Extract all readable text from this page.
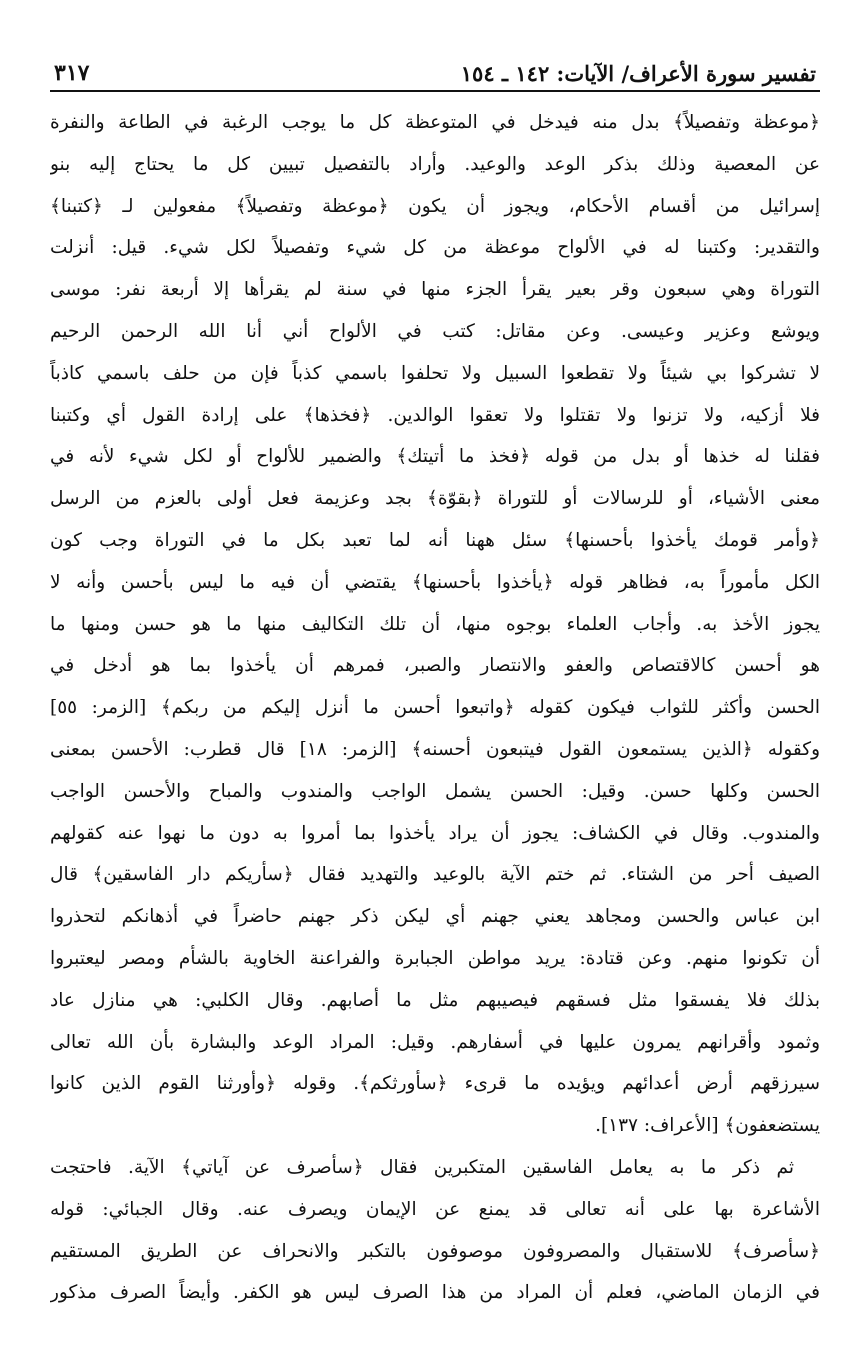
تفسير سورة الأعراف/ الآيات: ١٤٢ ـ ١٥٤
٣١٧
﴿موعظة وتفصيلاً﴾ بدل منه فيدخل في المتوعظة كل ما يوجب الرغبة في الطاعة والنفرة
عن المعصية وذلك بذكر الوعد والوعيد. وأراد بالتفصيل تبيين كل ما يحتاج إليه بنو
إسرائيل من أقسام الأحكام، ويجوز أن يكون ﴿موعظة وتفصيلاً﴾ مفعولين لـ ﴿كتبنا﴾
والتقدير: وكتبنا له في الألواح موعظة من كل شيء وتفصيلاً لكل شيء. قيل: أنزلت
التوراة وهي سبعون وقر بعير يقرأ الجزء منها في سنة لم يقرأها إلا أربعة نفر: موسى
ويوشع وعزير وعيسى. وعن مقاتل: كتب في الألواح أني أنا الله الرحمن الرحيم
لا تشركوا بي شيئاً ولا تقطعوا السبيل ولا تحلفوا باسمي كذباً فإن من حلف باسمي كاذباً
فلا أزكيه، ولا تزنوا ولا تقتلوا ولا تعقوا الوالدين. ﴿فخذها﴾ على إرادة القول أي وكتبنا
فقلنا له خذها أو بدل من قوله ﴿فخذ ما أتيتك﴾ والضمير للألواح أو لكل شيء لأنه في
معنى الأشياء، أو للرسالات أو للتوراة ﴿بقوّة﴾ بجد وعزيمة فعل أولى بالعزم من الرسل
﴿وأمر قومك يأخذوا بأحسنها﴾ سئل ههنا أنه لما تعبد بكل ما في التوراة وجب كون
الكل مأموراً به، فظاهر قوله ﴿يأخذوا بأحسنها﴾ يقتضي أن فيه ما ليس بأحسن وأنه لا
يجوز الأخذ به. وأجاب العلماء بوجوه منها، أن تلك التكاليف منها ما هو حسن ومنها ما
هو أحسن كالاقتصاص والعفو والانتصار والصبر، فمرهم أن يأخذوا بما هو أدخل في
الحسن وأكثر للثواب فيكون كقوله ﴿واتبعوا أحسن ما أنزل إليكم من ربكم﴾ [الزمر: ٥٥]
وكقوله ﴿الذين يستمعون القول فيتبعون أحسنه﴾ [الزمر: ١٨] قال قطرب: الأحسن بمعنى
الحسن وكلها حسن. وقيل: الحسن يشمل الواجب والمندوب والمباح والأحسن الواجب
والمندوب. وقال في الكشاف: يجوز أن يراد يأخذوا بما أمروا به دون ما نهوا عنه كقولهم
الصيف أحر من الشتاء. ثم ختم الآية بالوعيد والتهديد فقال ﴿سأريكم دار الفاسقين﴾ قال
ابن عباس والحسن ومجاهد يعني جهنم أي ليكن ذكر جهنم حاضراً في أذهانكم لتحذروا
أن تكونوا منهم. وعن قتادة: يريد مواطن الجبابرة والفراعنة الخاوية بالشأم ومصر ليعتبروا
بذلك فلا يفسقوا مثل فسقهم فيصيبهم مثل ما أصابهم. وقال الكلبي: هي منازل عاد
وثمود وأقرانهم يمرون عليها في أسفارهم. وقيل: المراد الوعد والبشارة بأن الله تعالى
سيرزقهم أرض أعدائهم ويؤيده ما قرىء ﴿سأورثكم﴾. وقوله ﴿وأورثنا القوم الذين كانوا
يستضعفون﴾ [الأعراف: ١٣٧].
ثم ذكر ما به يعامل الفاسقين المتكبرين فقال ﴿سأصرف عن آياتي﴾ الآية. فاحتجت
الأشاعرة بها على أنه تعالى قد يمنع عن الإيمان ويصرف عنه. وقال الجبائي: قوله
﴿سأصرف﴾ للاستقبال والمصروفون موصوفون بالتكبر والانحراف عن الطريق المستقيم
في الزمان الماضي، فعلم أن المراد من هذا الصرف ليس هو الكفر. وأيضاً الصرف مذكور
